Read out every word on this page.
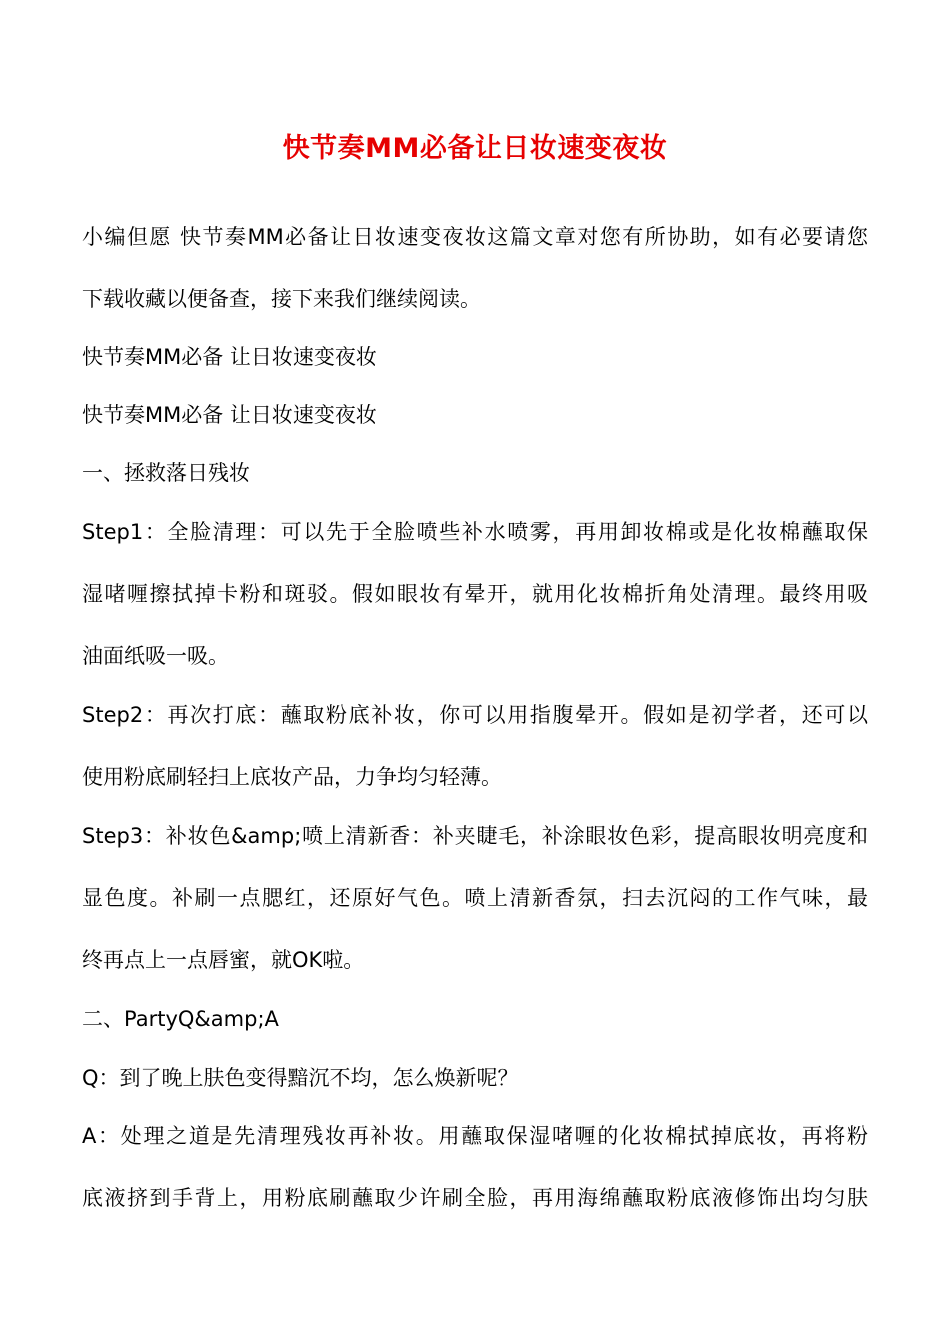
快节奏MM必备让日妆速变夜妆
小编但愿 快节奏MM必备让日妆速变夜妆这篇文章对您有所协助，如有必要请您
下载收藏以便备查，接下来我们继续阅读。
快节奏MM必备 让日妆速变夜妆
快节奏MM必备 让日妆速变夜妆
一、拯救落日残妆
Step1：全脸清理：可以先于全脸喷些补水喷雾，再用卸妆棉或是化妆棉蘸取保
湿啫喱擦拭掉卡粉和斑驳。假如眼妆有晕开，就用化妆棉折角处清理。最终用吸
油面纸吸一吸。
Step2：再次打底：蘸取粉底补妆，你可以用指腹晕开。假如是初学者，还可以
使用粉底刷轻扫上底妆产品，力争均匀轻薄。
Step3：补妆色&amp;喷上清新香：补夹睫毛，补涂眼妆色彩，提高眼妆明亮度和
显色度。补刷一点腮红，还原好气色。喷上清新香氛，扫去沉闷的工作气味，最
终再点上一点唇蜜，就OK啦。
二、PartyQ&amp;A
Q：到了晚上肤色变得黯沉不均，怎么焕新呢？
A：处理之道是先清理残妆再补妆。用蘸取保湿啫喱的化妆棉拭掉底妆，再将粉
底液挤到手背上，用粉底刷蘸取少许刷全脸，再用海绵蘸取粉底液修饰出均匀肤
